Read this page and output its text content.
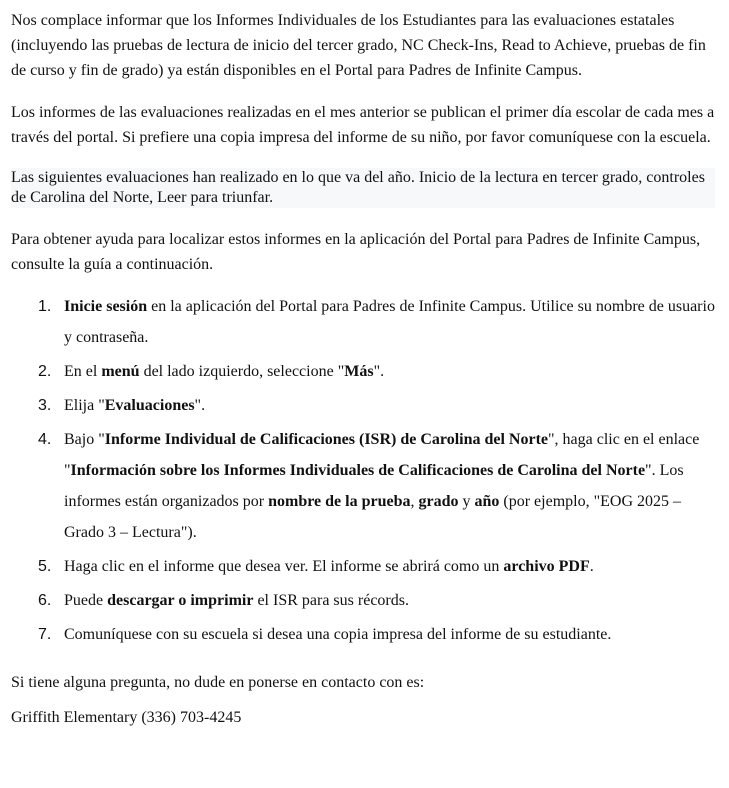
Nos complace informar que los Informes Individuales de los Estudiantes para las evaluaciones estatales (incluyendo las pruebas de lectura de inicio del tercer grado, NC Check-Ins, Read to Achieve, pruebas de fin de curso y fin de grado) ya están disponibles en el Portal para Padres de Infinite Campus.

Los informes de las evaluaciones realizadas en el mes anterior se publican el primer día escolar de cada mes a través del portal. Si prefiere una copia impresa del informe de su niño, por favor comuníquese con la escuela.

Las siguientes evaluaciones han realizado en lo que va del año. Inicio de la lectura en tercer grado, controles de Carolina del Norte, Leer para triunfar.

Para obtener ayuda para localizar estos informes en la aplicación del Portal para Padres de Infinite Campus, consulte la guía a continuación.

1. Inicie sesión en la aplicación del Portal para Padres de Infinite Campus. Utilice su nombre de usuario y contraseña.
2. En el menú del lado izquierdo, seleccione "Más".
3. Elija "Evaluaciones".
4. Bajo "Informe Individual de Calificaciones (ISR) de Carolina del Norte", haga clic en el enlace "Información sobre los Informes Individuales de Calificaciones de Carolina del Norte". Los informes están organizados por nombre de la prueba, grado y año (por ejemplo, "EOG 2025 – Grado 3 – Lectura").
5. Haga clic en el informe que desea ver. El informe se abrirá como un archivo PDF.
6. Puede descargar o imprimir el ISR para sus récords.
7. Comuníquese con su escuela si desea una copia impresa del informe de su estudiante.

Si tiene alguna pregunta, no dude en ponerse en contacto con es:

Griffith Elementary (336) 703-4245
